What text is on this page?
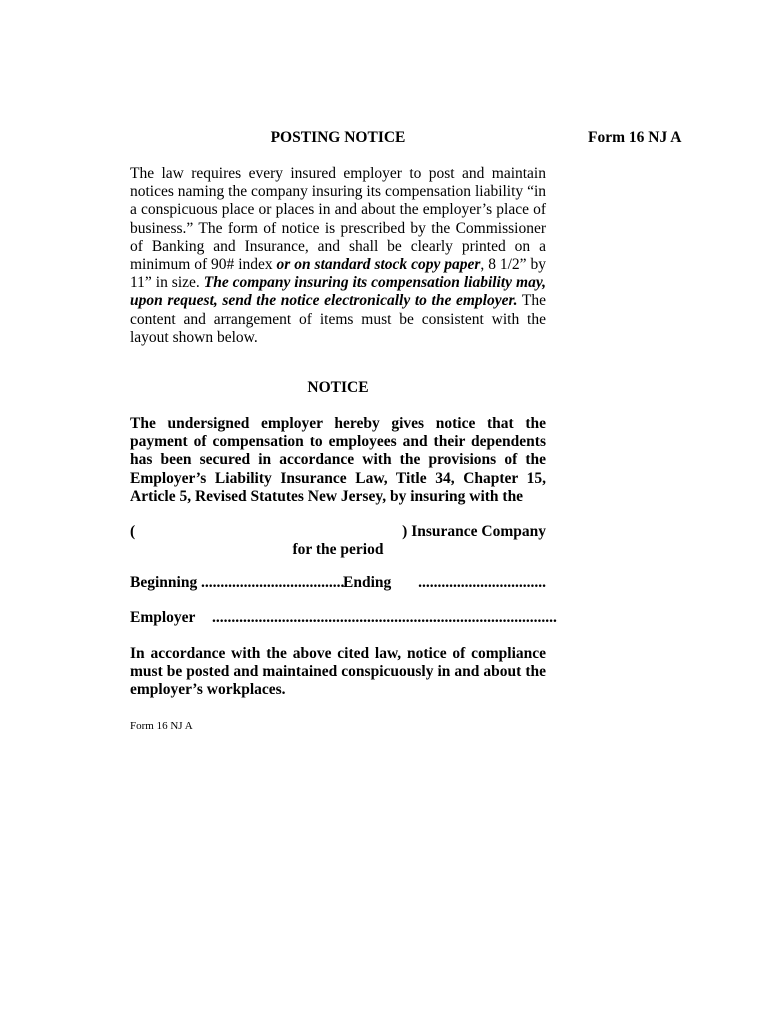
POSTING NOTICE	Form 16 NJ A
The law requires every insured employer to post and maintain notices naming the company insuring its compensation liability “in a conspicuous place or places in and about the employer’s place of business.” The form of notice is prescribed by the Commissioner of Banking and Insurance, and shall be clearly printed on a minimum of 90# index or on standard stock copy paper, 8 1/2” by 11” in size. The company insuring its compensation liability may, upon request, send the notice electronically to the employer. The content and arrangement of items must be consistent with the layout shown below.
NOTICE
The undersigned employer hereby gives notice that the payment of compensation to employees and their dependents has been secured in accordance with the provisions of the Employer’s Liability Insurance Law, Title 34, Chapter 15, Article 5, Revised Statutes New Jersey, by insuring with the
(	) Insurance Company
for the period
Beginning .....................................
Ending .................................
Employer .........................................................................................
In accordance with the above cited law, notice of compliance must be posted and maintained conspicuously in and about the employer’s workplaces.
Form 16 NJ A
